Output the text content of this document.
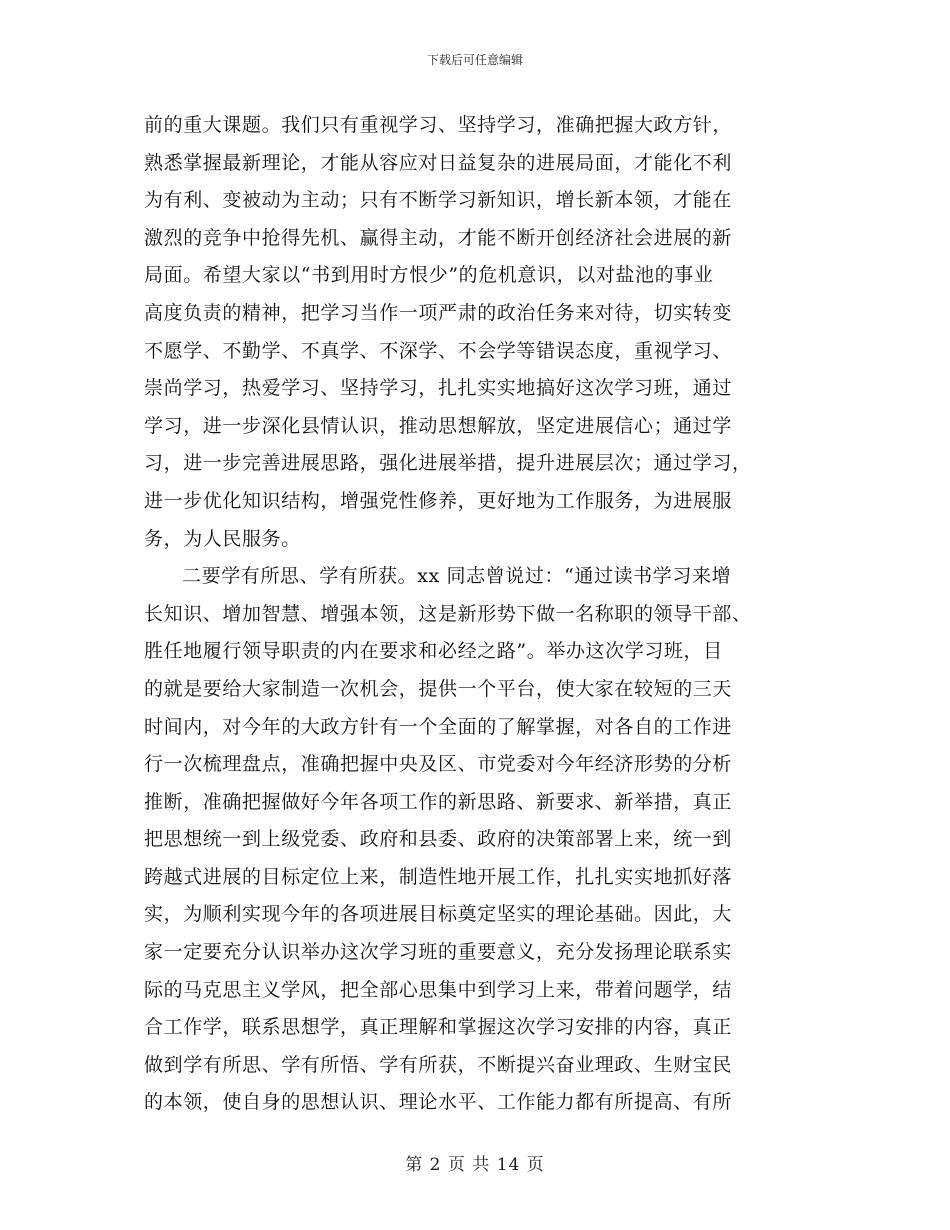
下载后可任意编辑
前的重大课题。我们只有重视学习、坚持学习，准确把握大政方针，
熟悉掌握最新理论，才能从容应对日益复杂的进展局面，才能化不利
为有利、变被动为主动；只有不断学习新知识，增长新本领，才能在
激烈的竞争中抢得先机、赢得主动，才能不断开创经济社会进展的新
局面。希望大家以“书到用时方恨少”的危机意识，以对盐池的事业
高度负责的精神，把学习当作一项严肃的政治任务来对待，切实转变
不愿学、不勤学、不真学、不深学、不会学等错误态度，重视学习、
崇尚学习，热爱学习、坚持学习，扎扎实实地搞好这次学习班，通过
学习，进一步深化县情认识，推动思想解放，坚定进展信心；通过学
习，进一步完善进展思路，强化进展举措，提升进展层次；通过学习，
进一步优化知识结构，增强党性修养，更好地为工作服务，为进展服
务，为人民服务。
二要学有所思、学有所获。xx 同志曾说过：“通过读书学习来增
长知识、增加智慧、增强本领，这是新形势下做一名称职的领导干部、
胜任地履行领导职责的内在要求和必经之路”。举办这次学习班，目
的就是要给大家制造一次机会，提供一个平台，使大家在较短的三天
时间内，对今年的大政方针有一个全面的了解掌握，对各自的工作进
行一次梳理盘点，准确把握中央及区、市党委对今年经济形势的分析
推断，准确把握做好今年各项工作的新思路、新要求、新举措，真正
把思想统一到上级党委、政府和县委、政府的决策部署上来，统一到
跨越式进展的目标定位上来，制造性地开展工作，扎扎实实地抓好落
实，为顺利实现今年的各项进展目标奠定坚实的理论基础。因此，大
家一定要充分认识举办这次学习班的重要意义，充分发扬理论联系实
际的马克思主义学风，把全部心思集中到学习上来，带着问题学，结
合工作学，联系思想学，真正理解和掌握这次学习安排的内容，真正
做到学有所思、学有所悟、学有所获，不断提兴奋业理政、生财宝民
的本领，使自身的思想认识、理论水平、工作能力都有所提高、有所
第 2 页 共 14 页
